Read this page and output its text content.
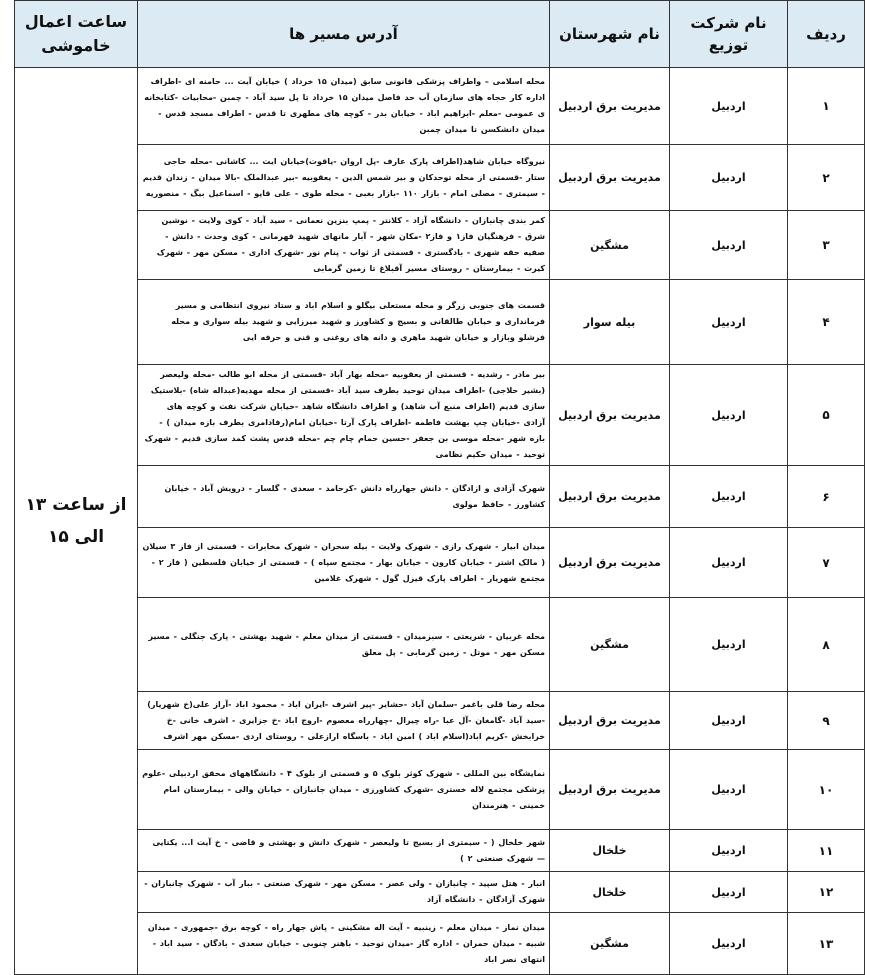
ردیف	نام شرکت توزیع	نام شهرستان	آدرس مسیر ها	ساعت اعمال خاموشی
۱	اردبیل	مدیریت برق اردبیل	محله اسلامی – واطراف پزشکی قانونی سابق (میدان ۱۵ خرداد ) خیابان آیت ... حامنه ای -اطراف اداره کار حجاه های سازمان آب حد فاصل میدان ۱۵ خرداد تا پل سید آباد - چمبن -محابیات -کتابخانه ی عمومی -معلم -ابراهیم اباد - خیابان بدر - کوچه های مطهری تا قدس - اطراف مسجد قدس - میدان دانشکسن تا میدان چمبن	از ساعت ۱۳ الی ۱۵
۲	اردبیل	مدیریت برق اردبیل	نیروگاه خیابان شاهد(اطراف پارک عارف -پل اروان -یاقوت)خیابان ایت ... کاشانی -محله حاجی ستار -قسمتی از محله توحدکان و بیر شمس الدین - یعقوبیه -بیر عبدالملک -بالا میدان - زندان قدیم - سیمتری - مصلی امام - بازار ۱۱۰ -بازار بغبی - محله طوی - علی قاپو - اسماعیل بیگ - منصوریه	
۳	اردبیل	مشگین	کمر بندی چانبازان - دانشگاه آزاد - کلانتر - پمپ بنزین نعمانی - سید آباد - کوی ولایت - نوشین شرق - فرهنگیان فاز۱ و فاز۲ -مکان شهر - آبار مانهای شهید قهرمانی - کوی وحدت - دانش - صفیه حقه شهری - بادگستری - قسمتی از ثواب - پنام نور -شهرک اداری - مسکن مهر - شهرک کیرت - بیمارستان - روستای مسیر آقبلاغ تا زمین گرمابی	
۴	اردبیل	بیله سوار	قسمت های جنوبی زرگر و محله مستعلی بیگلو و اسلام اباد و ستاد نیروی انتظامی و مسیر فرمانداری و خیابان طالقانی و بسیج و کشاورز و شهید میرزایی و شهید بیله سواری و محله فرشلو وبازار و خیابان شهید ماهری و دانه های روغنی و قنی و حرفه ایی	
۵	اردبیل	مدیریت برق اردبیل	بیر مادر - رشدیه - قسمتی از یعقوبیه -محله بهار آباد -قسمتی از محله ابو طالب -محله ولیعصر (بشیر حلاجی) -اطراف میدان توحید بطرف سید آباد -قسمتی از محله مهدیه(عبداله شاه) -بلاستیک سازی قدیم (اطراف منبع آب شاهد) و اطراف دانشگاه شاهد -خیابان شرکت نفت و کوچه های آزادی -خیابان چپ بهشت فاطمه -اطراف پارک آرتا -خیابان امام(رفادامری بطرف بازه میدان ) - بازه شهر -محله موسی بن جعفر -حسین حمام چام چم -محله قدس پشت کمد سازی قدیم - شهرک توحید - میدان حکیم نظامی	
۶	اردبیل	مدیریت برق اردبیل	شهرک آزادی و ازادگان - دانش جهارراه دانش -کرحامد - سعدی - گلسار - درویش آباد - خیابان کشاورز - حافظ مولوی	
۷	اردبیل	مدیریت برق اردبیل	میدان ابیار - شهرک رازی - شهرک ولایت - بیله سحران - شهرک مخابرات - قسمتی از فاز ۳ سیلان ( مالک اشتر - خیابان کارون - خیابان بهار - مجتمع سپاه ) - قسمتی از خیابان فلسطین ( فاز ۲ - مجتمع شهریار - اطراف پارک قیزل گول - شهرک غلامین	
۸	اردبیل	مشگین	محله غربیان - شریعتی - سبزمیدان - قسمتی از میدان معلم - شهید بهشتی - پارک جنگلی - مسیر مسکن مهر - موتل - زمین گرمابی - پل معلق	
۹	اردبیل	مدیریت برق اردبیل	محله رضا قلی باغمر -سلمان آباد -حشایر -پیر اشرف -ایران اباد - محمود اباد -آراز علی(خ شهریار) -سید آباد -گامغان -آل عبا -راه چیرال -چهارراه معصوم -اروج اباد -خ جزایری - اشرف خانی -خ خرابخش -کریم اباد(اسلام اباد ) امین اباد - باسگاه ارازعلی - روستای اردی -مسکن مهر اشرف	
۱۰	اردبیل	مدیریت برق اردبیل	نمایشگاه بین المللی - شهرک کوثر بلوک ۵ و قسمتی از بلوک ۴ - دانشگاههای محقق اردبیلی -علوم پزشکی مجتمع لاله خستری -شهرک کشاورزی - میدان جانبازان - خیابان والی - بیمارستان امام خمینی - هنرمندان	
۱۱	اردبیل	خلخال	شهر خلخال ( - سیمتری از بسیج تا ولیعصر - شهرک دانش و بهشتی و قاضی - خ آیت ا... یکتایی — شهرک صنعتی ۲ )	
۱۲	اردبیل	خلخال	انبار - هتل سپید - چانبازان - ولی عصر - مسکن مهر - شهرک صنعتی - ببار آب - شهرک چانبازان - شهرک آزادگان - دانشگاه آزاد	
۱۳	اردبیل	مشگین	میدان نماز - میدان معلم - زینبیه - آیت اله مشکینی - پاش جهار راه - کوچه برق -جمهوری - میدان شبیه - میدان حمران - اداره گاز -میدان توحید - باهنر چنوبی - خیابان سعدی - بادگان - سید اباد - انتهای نصر اباد	
